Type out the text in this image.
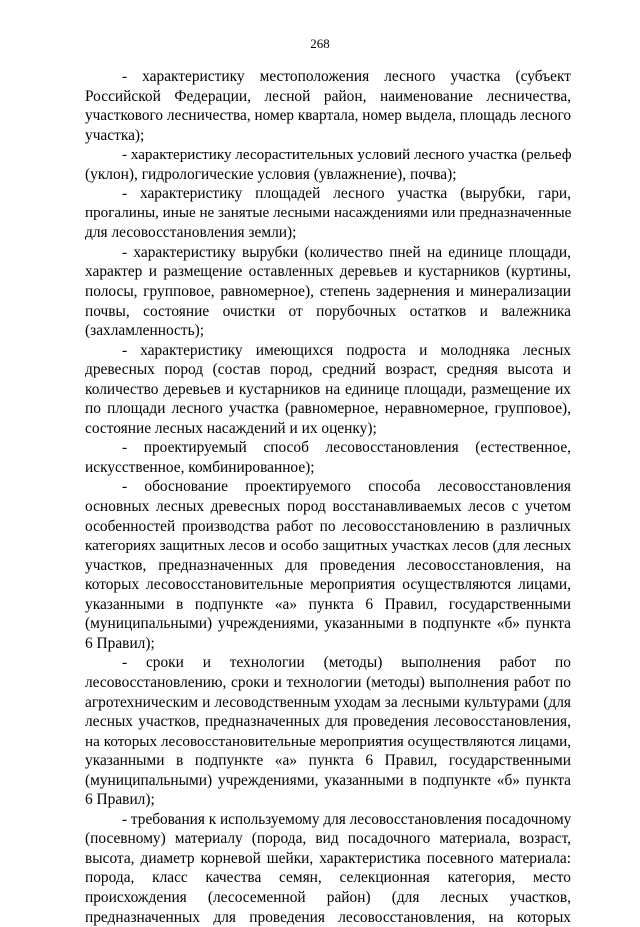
268
- характеристику местоположения лесного участка (субъект
Российской Федерации, лесной район, наименование лесничества,
участкового лесничества, номер квартала, номер выдела, площадь лесного
участка);
- характеристику лесорастительных условий лесного участка (рельеф
(уклон), гидрологические условия (увлажнение), почва);
- характеристику площадей лесного участка (вырубки, гари,
прогалины, иные не занятые лесными насаждениями или предназначенные
для лесовосстановления земли);
- характеристику вырубки (количество пней на единице площади,
характер и размещение оставленных деревьев и кустарников (куртины,
полосы, групповое, равномерное), степень задернения и минерализации
почвы, состояние очистки от порубочных остатков и валежника
(захламленность);
- характеристику имеющихся подроста и молодняка лесных
древесных пород (состав пород, средний возраст, средняя высота и
количество деревьев и кустарников на единице площади, размещение их
по площади лесного участка (равномерное, неравномерное, групповое),
состояние лесных насаждений и их оценку);
- проектируемый способ лесовосстановления (естественное,
искусственное, комбинированное);
- обоснование проектируемого способа лесовосстановления
основных лесных древесных пород восстанавливаемых лесов с учетом
особенностей производства работ по лесовосстановлению в различных
категориях защитных лесов и особо защитных участках лесов (для лесных
участков, предназначенных для проведения лесовосстановления, на
которых лесовосстановительные мероприятия осуществляются лицами,
указанными в подпункте «а» пункта 6 Правил, государственными
(муниципальными) учреждениями, указанными в подпункте «б» пункта
6 Правил);
- сроки и технологии (методы) выполнения работ по
лесовосстановлению, сроки и технологии (методы) выполнения работ по
агротехническим и лесоводственным уходам за лесными культурами (для
лесных участков, предназначенных для проведения лесовосстановления,
на которых лесовосстановительные мероприятия осуществляются лицами,
указанными в подпункте «а» пункта 6 Правил, государственными
(муниципальными) учреждениями, указанными в подпункте «б» пункта
6 Правил);
- требования к используемому для лесовосстановления посадочному
(посевному) материалу (порода, вид посадочного материала, возраст,
высота, диаметр корневой шейки, характеристика посевного материала:
порода, класс качества семян, селекционная категория, место
происхождения (лесосеменной район) (для лесных участков,
предназначенных для проведения лесовосстановления, на которых
